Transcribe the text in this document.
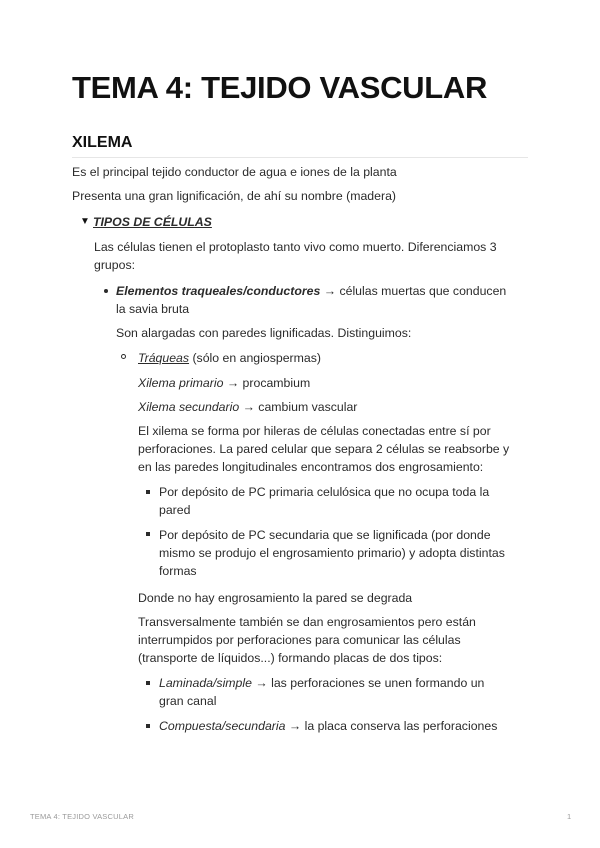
TEMA 4: TEJIDO VASCULAR
XILEMA

Es el principal tejido conductor de agua e iones de la planta

Presenta una gran lignificación, de ahí su nombre (madera)

▼ TIPOS DE CÉLULAS

Las células tienen el protoplasto tanto vivo como muerto. Diferenciamos 3

grupos:

Elementos traqueales/conductores → células muertas que conducen

la savia bruta

Son alargadas con paredes lignificadas. Distinguimos:

Tráqueas (sólo en angiospermas)

Xilema primario → procambium

Xilema secundario → cambium vascular

El xilema se forma por hileras de células conectadas entre sí por

perforaciones. La pared celular que separa 2 células se reabsorbe y

en las paredes longitudinales encontramos dos engrosamiento:

Por depósito de PC primaria celulósica que no ocupa toda la

pared

Por depósito de PC secundaria que se lignificada (por donde

mismo se produjo el engrosamiento primario) y adopta distintas

formas

Donde no hay engrosamiento la pared se degrada

Transversalmente también se dan engrosamientos pero están

interrumpidos por perforaciones para comunicar las células

(transporte de líquidos...) formando placas de dos tipos:

Laminada/simple → las perforaciones se unen formando un

gran canal

Compuesta/secundaria → la placa conserva las perforaciones

TEMA 4: TEJIDO VASCULAR	1
